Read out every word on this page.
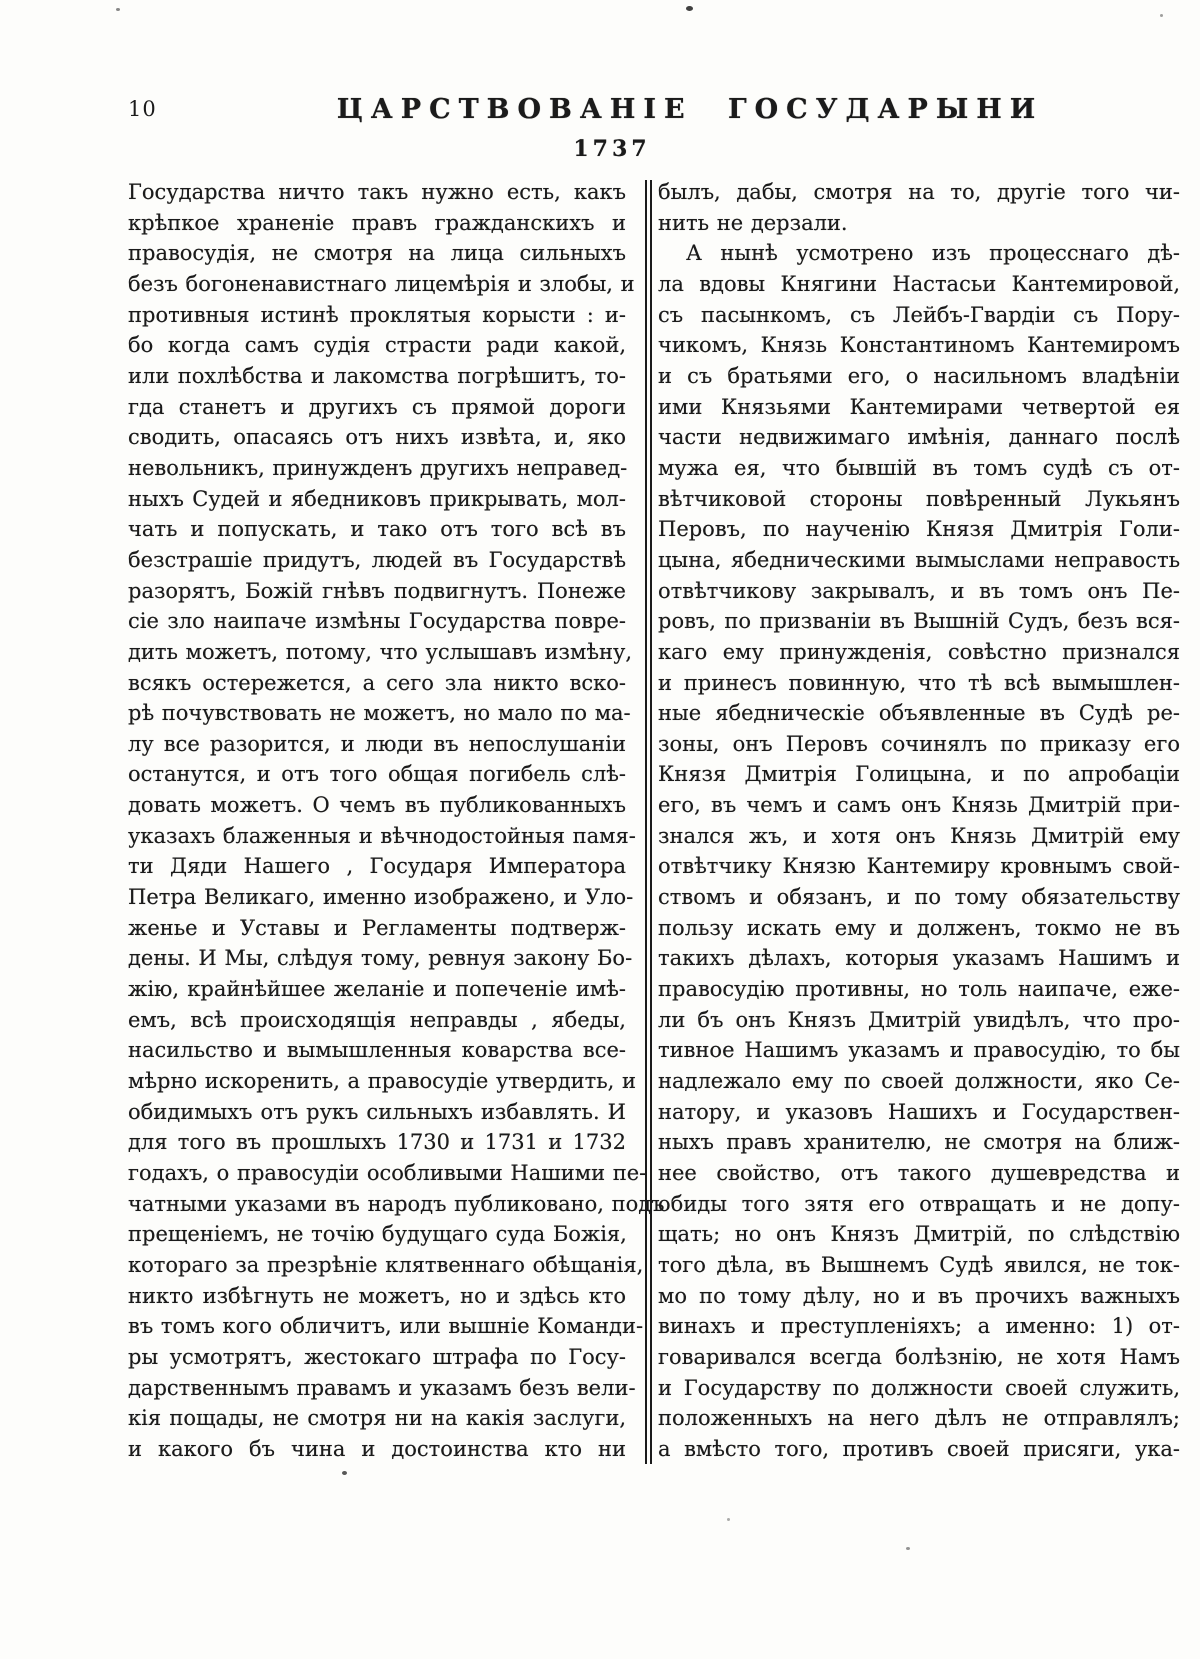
10	ЦАРСТВОВАНІЕ ГОСУДАРЫНИ
1737
Государства ничто такъ нужно есть, какъ
крѣпкое храненіе правъ гражданскихъ и
правосудія, не смотря на лица сильныхъ
безъ богоненавистнаго лицемѣрія и злобы, и
противныя истинѣ проклятыя корысти : и-
бо когда самъ судія страсти ради какой,
или похлѣбства и лакомства погрѣшитъ, то-
гда станетъ и другихъ съ прямой дороги
сводить, опасаясь отъ нихъ извѣта, и, яко
невольникъ, принужденъ другихъ неправед-
ныхъ Судей и ябедниковъ прикрывать, мол-
чать и попускать, и тако отъ того всѣ въ
безстрашіе придутъ, людей въ Государствѣ
разорятъ, Божій гнѣвъ подвигнутъ. Понеже
сіе зло наипаче измѣны Государства повре-
дить можетъ, потому, что услышавъ измѣну,
всякъ остережется, а сего зла никто вско-
рѣ почувствовать не можетъ, но мало по ма-
лу все разорится, и люди въ непослушаніи
останутся, и отъ того общая погибель слѣ-
довать можетъ. О чемъ въ публикованныхъ
указахъ блаженныя и вѣчнодостойныя памя-
ти Дяди Нашего , Государя Императора
Петра Великаго, именно изображено, и Уло-
женье и Уставы и Регламенты подтверж-
дены. И Мы, слѣдуя тому, ревнуя закону Бо-
жію, крайнѣйшее желаніе и попеченіе имѣ-
емъ, всѣ происходящія неправды , ябеды,
насильство и вымышленныя коварства все-
мѣрно искоренить, а правосудіе утвердить, и
обидимыхъ отъ рукъ сильныхъ избавлять. И
для того въ прошлыхъ 1730 и 1731 и 1732
годахъ, о правосудіи особливыми Нашими пе-
чатными указами въ народъ публиковано, подъ
прещеніемъ, не точію будущаго суда Божія,
котораго за презрѣніе клятвеннаго обѣщанія,
никто избѣгнуть не можетъ, но и здѣсь кто
въ томъ кого обличитъ, или вышніе Команди-
ры усмотрятъ, жестокаго штрафа по Госу-
дарственнымъ правамъ и указамъ безъ вели-
кія пощады, не смотря ни на какія заслуги,
и какого бъ чина и достоинства кто ни
былъ, дабы, смотря на то, другіе того чи-
нить не дерзали.
А нынѣ усмотрено изъ процесснаго дѣ-
ла вдовы Княгини Настасьи Кантемировой,
съ пасынкомъ, съ Лейбъ-Гвардіи съ Пору-
чикомъ, Князь Константиномъ Кантемиромъ
и съ братьями его, о насильномъ владѣніи
ими Князьями Кантемирами четвертой ея
части недвижимаго имѣнія, даннаго послѣ
мужа ея, что бывшій въ томъ судѣ съ от-
вѣтчиковой стороны повѣренный Лукьянъ
Перовъ, по наученію Князя Дмитрія Голи-
цына, ябедническими вымыслами неправость
отвѣтчикову закрывалъ, и въ томъ онъ Пе-
ровъ, по призваніи въ Вышній Судъ, безъ вся-
каго ему принужденія, совѣстно признался
и принесъ повинную, что тѣ всѣ вымышлен-
ные ябедническіе объявленные въ Судѣ ре-
зоны, онъ Перовъ сочинялъ по приказу его
Князя Дмитрія Голицына, и по апробаціи
его, въ чемъ и самъ онъ Князь Дмитрій при-
знался жъ, и хотя онъ Князь Дмитрій ему
отвѣтчику Князю Кантемиру кровнымъ свой-
ствомъ и обязанъ, и по тому обязательству
пользу искать ему и долженъ, токмо не въ
такихъ дѣлахъ, которыя указамъ Нашимъ и
правосудію противны, но толь наипаче, еже-
ли бъ онъ Князъ Дмитрій увидѣлъ, что про-
тивное Нашимъ указамъ и правосудію, то бы
надлежало ему по своей должности, яко Се-
натору, и указовъ Нашихъ и Государствен-
ныхъ правъ хранителю, не смотря на ближ-
нее свойство, отъ такого душевредства и
обиды того зятя его отвращать и не допу-
щать; но онъ Князъ Дмитрій, по слѣдствію
того дѣла, въ Вышнемъ Судѣ явился, не ток-
мо по тому дѣлу, но и въ прочихъ важныхъ
винахъ и преступленіяхъ; а именно: 1) от-
говаривался всегда болѣзнію, не хотя Намъ
и Государству по должности своей служить,
положенныхъ на него дѣлъ не отправлялъ;
а вмѣсто того, противъ своей присяги, ука-
